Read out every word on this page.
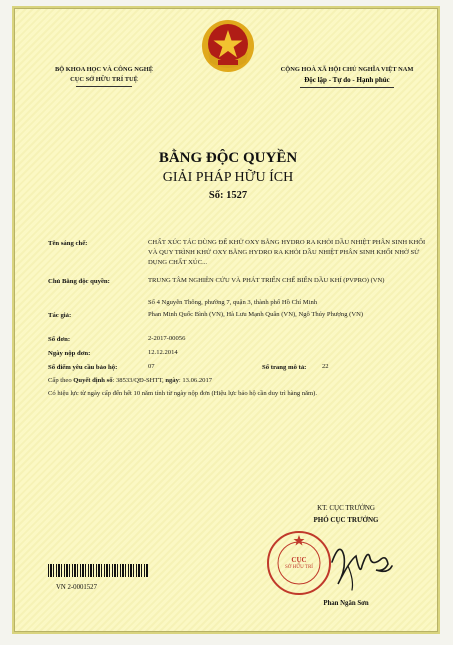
BỘ KHOA HỌC VÀ CÔNG NGHỆ
CỤC SỞ HỮU TRÍ TUỆ
CỘNG HOÀ XÃ HỘI CHỦ NGHĨA VIỆT NAM
Độc lập - Tự do - Hạnh phúc
BẰNG ĐỘC QUYỀN
GIẢI PHÁP HỮU ÍCH
Số: 1527
Tên sáng chế:	CHẤT XÚC TÁC DÙNG ĐỂ KHỬ OXY BẰNG HYDRO RA KHỎI DẦU NHIỆT PHÂN SINH KHỐI VÀ QUY TRÌNH KHỬ OXY BẰNG HYDRO RA KHỎI DẦU NHIỆT PHÂN SINH KHỐI NHỜ SỬ DỤNG CHẤT XÚC...
Chủ Bằng độc quyền:	TRUNG TÂM NGHIÊN CỨU VÀ PHÁT TRIỂN CHẾ BIẾN DẦU KHÍ (PVPRO) (VN)
Số 4 Nguyễn Thông, phường 7, quận 3, thành phố Hồ Chí Minh
Tác giả:	Phan Minh Quốc Bình (VN), Hà Lưu Mạnh Quân (VN), Ngô Thúy Phượng (VN)
Số đơn:	2-2017-00056
Ngày nộp đơn:	12.12.2014
Số điểm yêu cầu bảo hộ:	07	Số trang mô tả: 22
Cấp theo Quyết định số: 38533/QĐ-SHTT, ngày: 13.06.2017
Có hiệu lực từ ngày cấp đến hết 10 năm tính từ ngày nộp đơn (Hiệu lực bảo hộ cần duy trì hàng năm).
KT. CỤC TRƯỞNG
PHÓ CỤC TRƯỞNG
CỤC
SỞ HỮU TRÍ
Phan Ngân Sơn
VN 2-0001527
